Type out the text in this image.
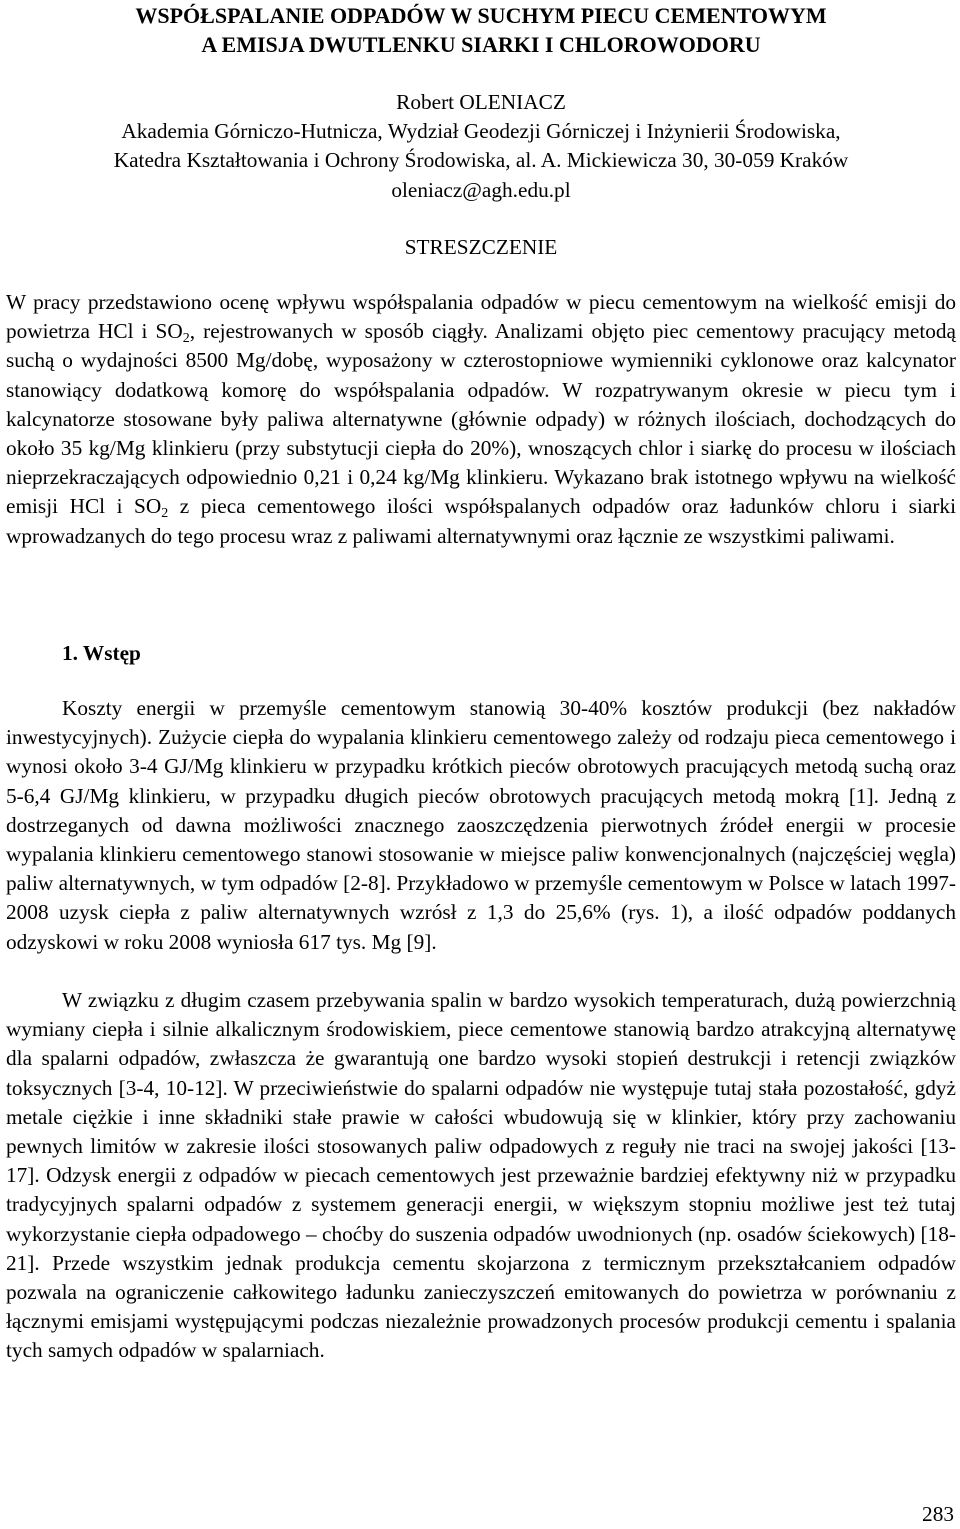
WSPÓŁSPALANIE ODPADÓW W SUCHYM PIECU CEMENTOWYM
A EMISJA DWUTLENKU SIARKI I CHLOROWODORU
Robert OLENIACZ
Akademia Górniczo-Hutnicza, Wydział Geodezji Górniczej i Inżynierii Środowiska,
Katedra Kształtowania i Ochrony Środowiska, al. A. Mickiewicza 30, 30-059 Kraków
oleniacz@agh.edu.pl
STRESZCZENIE
W pracy przedstawiono ocenę wpływu współspalania odpadów w piecu cementowym na wielkość emisji do powietrza HCl i $SO_2$, rejestrowanych w sposób ciągły. Analizami objęto piec cementowy pracujący metodą suchą o wydajności 8500 Mg/dobę, wyposażony w czterostopniowe wymienniki cyklonowe oraz kalcynator stanowiący dodatkową komorę do współspalania odpadów. W rozpatrywanym okresie w piecu tym i kalcynatorze stosowane były paliwa alternatywne (głównie odpady) w różnych ilościach, dochodzących do około 35 kg/Mg klinkieru (przy substytucji ciepła do 20%), wnoszących chlor i siarkę do procesu w ilościach nieprzekraczających odpowiednio 0,21 i 0,24 kg/Mg klinkieru. Wykazano brak istotnego wpływu na wielkość emisji HCl i $SO_2$ z pieca cementowego ilości współspalanych odpadów oraz ładunków chloru i siarki wprowadzanych do tego procesu wraz z paliwami alternatywnymi oraz łącznie ze wszystkimi paliwami.
1. Wstęp
Koszty energii w przemyśle cementowym stanowią 30-40% kosztów produkcji (bez nakładów inwestycyjnych). Zużycie ciepła do wypalania klinkieru cementowego zależy od rodzaju pieca cementowego i wynosi około 3-4 GJ/Mg klinkieru w przypadku krótkich pieców obrotowych pracujących metodą suchą oraz 5-6,4 GJ/Mg klinkieru, w przypadku długich pieców obrotowych pracujących metodą mokrą [1]. Jedną z dostrzeganych od dawna możliwości znacznego zaoszczędzenia pierwotnych źródeł energii w procesie wypalania klinkieru cementowego stanowi stosowanie w miejsce paliw konwencjonalnych (najczęściej węgla) paliw alternatywnych, w tym odpadów [2-8]. Przykładowo w przemyśle cementowym w Polsce w latach 1997-2008 uzysk ciepła z paliw alternatywnych wzrósł z 1,3 do 25,6% (rys. 1), a ilość odpadów poddanych odzyskowi w roku 2008 wyniosła 617 tys. Mg [9].
W związku z długim czasem przebywania spalin w bardzo wysokich temperaturach, dużą powierzchnią wymiany ciepła i silnie alkalicznym środowiskiem, piece cementowe stanowią bardzo atrakcyjną alternatywę dla spalarni odpadów, zwłaszcza że gwarantują one bardzo wysoki stopień destrukcji i retencji związków toksycznych [3-4, 10-12]. W przeciwieństwie do spalarni odpadów nie występuje tutaj stała pozostałość, gdyż metale ciężkie i inne składniki stałe prawie w całości wbudowują się w klinkier, który przy zachowaniu pewnych limitów w zakresie ilości stosowanych paliw odpadowych z reguły nie traci na swojej jakości [13-17]. Odzysk energii z odpadów w piecach cementowych jest przeważnie bardziej efektywny niż w przypadku tradycyjnych spalarni odpadów z systemem generacji energii, w większym stopniu możliwe jest też tutaj wykorzystanie ciepła odpadowego – choćby do suszenia odpadów uwodnionych (np. osadów ściekowych) [18-21]. Przede wszystkim jednak produkcja cementu skojarzona z termicznym przekształcaniem odpadów pozwala na ograniczenie całkowitego ładunku zanieczyszczeń emitowanych do powietrza w porównaniu z łącznymi emisjami występującymi podczas niezależnie prowadzonych procesów produkcji cementu i spalania tych samych odpadów w spalarniach.
283
